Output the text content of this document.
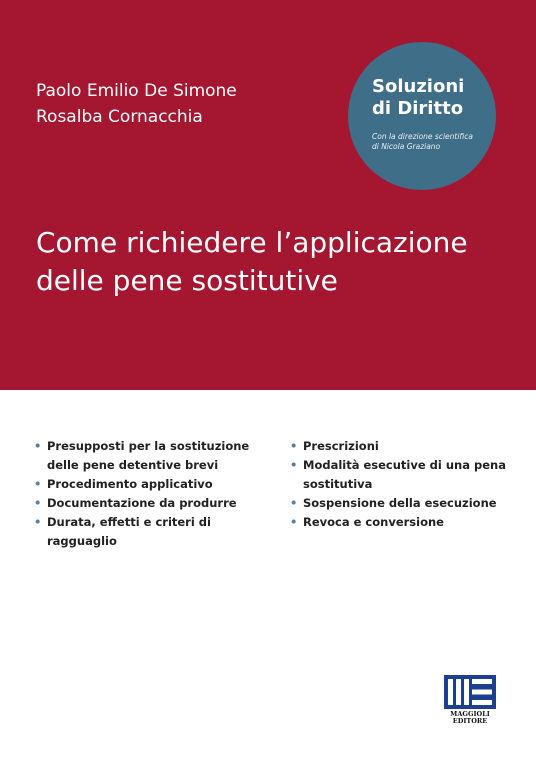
Paolo Emilio De Simone
Rosalba Cornacchia
Soluzioni
di Diritto
Con la direzione scientifica
di Nicola Graziano
Come richiedere l’applicazione
delle pene sostitutive
• Presupposti per la sostituzione
delle pene detentive brevi
• Procedimento applicativo
• Documentazione da produrre
• Durata, effetti e criteri di ragguaglio
• Prescrizioni
• Modalità esecutive di una pena
sostitutiva
• Sospensione della esecuzione
• Revoca e conversione
MAGGIOLI
EDITORE
